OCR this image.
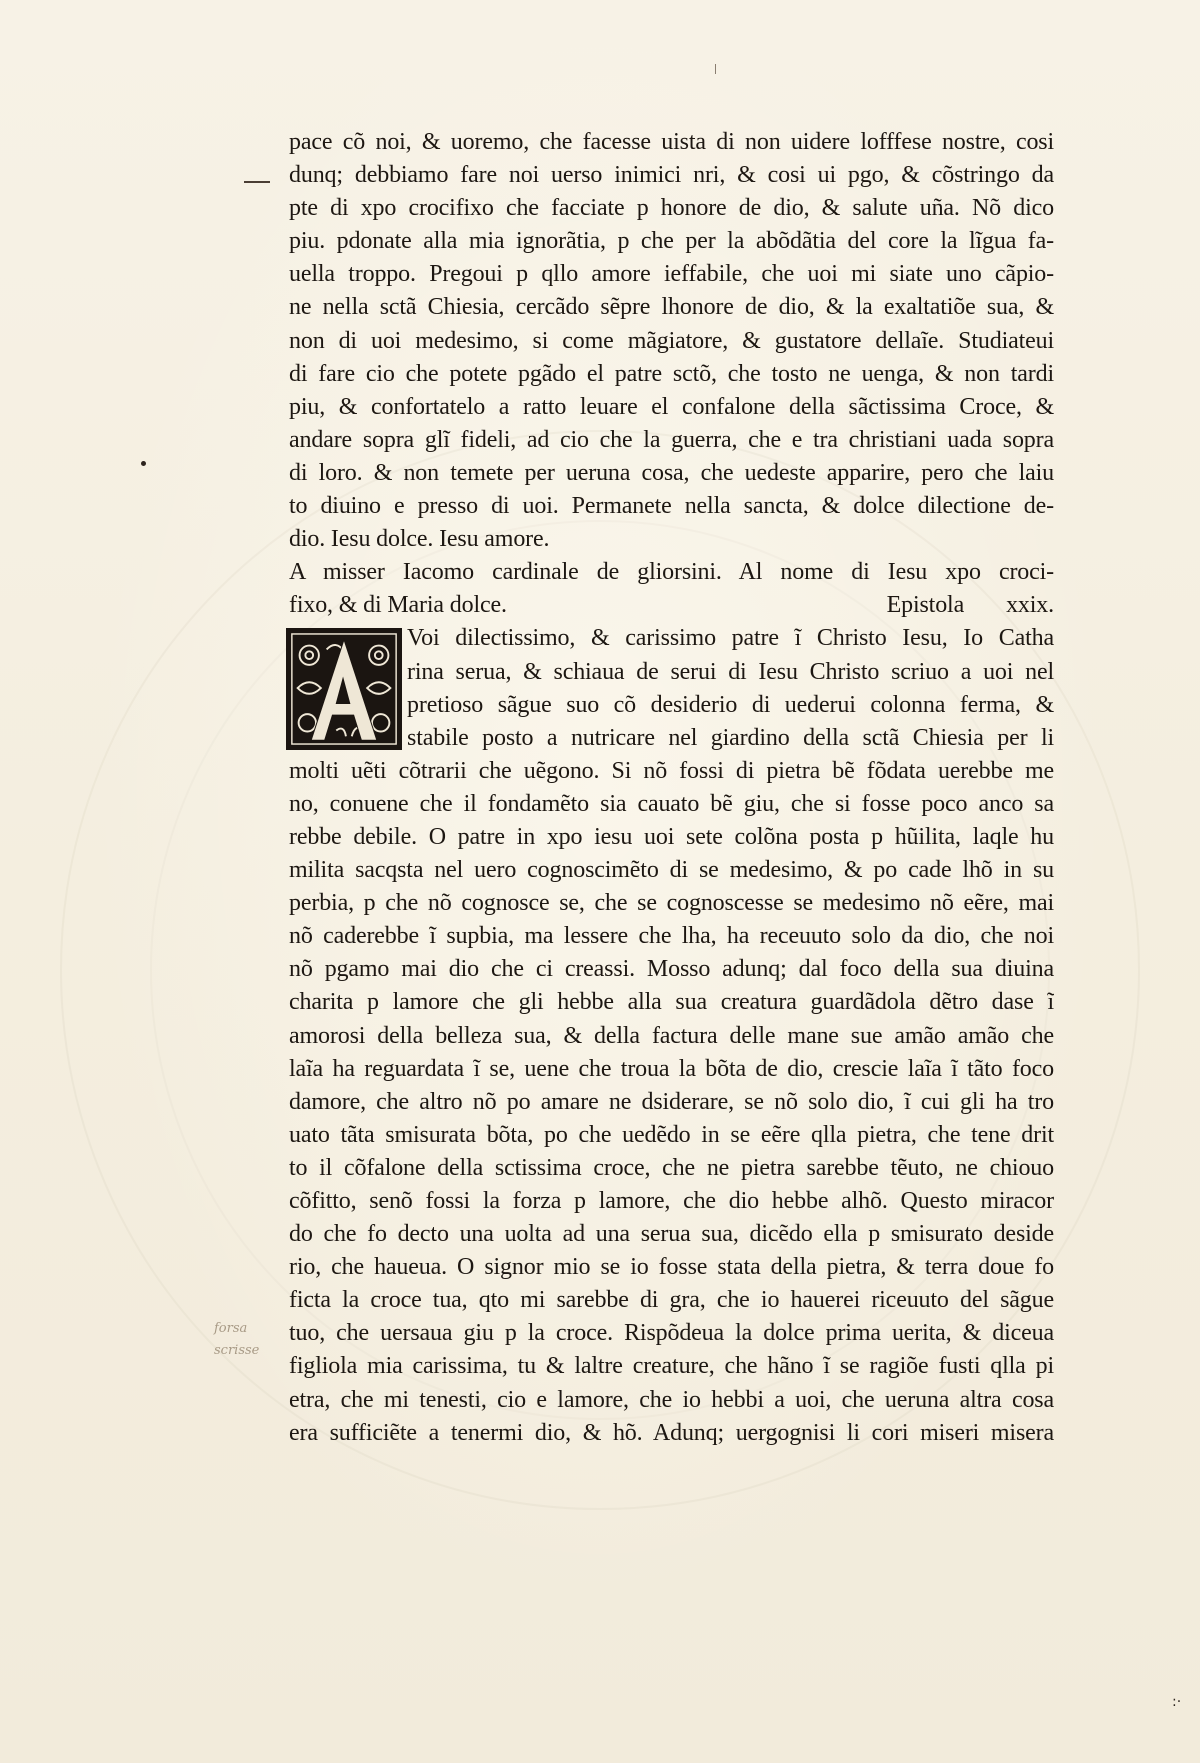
:·
forsa
scrisse
pace cõ noi, & uoremo, che facesse uista di non uidere lofffese nostre, cosi
dunq; debbiamo fare noi uerso inimici nri, & cosi ui pgo, & cõstringo da
pte di xpo crocifixo che facciate p honore de dio, & salute uña. Nõ dico
piu. pdonate alla mia ignorãtia, p che per la abõdãtia del core la lĩgua fa-
uella troppo. Pregoui p qllo amore ieffabile, che uoi mi siate uno cãpio-
ne nella sctã Chiesia, cercãdo sẽpre lhonore de dio, & la exaltatiõe sua, &
non di uoi medesimo, si come mãgiatore, & gustatore dellaĩe. Studiateui
di fare cio che potete pgãdo el patre sctõ, che tosto ne uenga, & non tardi
piu, & confortatelo a ratto leuare el confalone della sãctissima Croce, &
andare sopra glĩ fideli, ad cio che la guerra, che e tra christiani uada sopra
di loro. & non temete per ueruna cosa, che uedeste apparire, pero che laiu
to diuino e presso di uoi. Permanete nella sancta, & dolce dilectione de-
dio. Iesu dolce. Iesu amore.
A misser Iacomo cardinale de gliorsini. Al nome di Iesu xpo croci-
fixo, & di Maria dolce.	Epistola xxix.
Voi dilectissimo, & carissimo patre ĩ Christo Iesu, Io Catha
rina serua, & schiaua de serui di Iesu Christo scriuo a uoi nel
pretioso sãgue suo cõ desiderio di uederui colonna ferma, &
stabile posto a nutricare nel giardino della sctã Chiesia per li
molti uẽti cõtrarii che uẽgono. Si nõ fossi di pietra bẽ fõdata uerebbe me
no, conuene che il fondamẽto sia cauato bẽ giu, che si fosse poco anco sa
rebbe debile. O patre in xpo iesu uoi sete colõna posta p hũilita, laqle hu
milita sacqsta nel uero cognoscimẽto di se medesimo, & po cade lhõ in su
perbia, p che nõ cognosce se, che se cognoscesse se medesimo nõ eẽre, mai
nõ caderebbe ĩ supbia, ma lessere che lha, ha receuuto solo da dio, che noi
nõ pgamo mai dio che ci creassi. Mosso adunq; dal foco della sua diuina
charita p lamore che gli hebbe alla sua creatura guardãdola dẽtro dase ĩ
amorosi della belleza sua, & della factura delle mane sue amão amão che
laĩa ha reguardata ĩ se, uene che troua la bõta de dio, crescie laĩa ĩ tãto foco
damore, che altro nõ po amare ne dsiderare, se nõ solo dio, ĩ cui gli ha tro
uato tãta smisurata bõta, po che uedẽdo in se eẽre qlla pietra, che tene drit
to il cõfalone della sctissima croce, che ne pietra sarebbe tẽuto, ne chiouo
cõfitto, senõ fossi la forza p lamore, che dio hebbe alhõ. Questo miracor
do che fo decto una uolta ad una serua sua, dicẽdo ella p smisurato deside
rio, che haueua. O signor mio se io fosse stata della pietra, & terra doue fo
ficta la croce tua, qto mi sarebbe di gra, che io hauerei riceuuto del sãgue
tuo, che uersaua giu p la croce. Rispõdeua la dolce prima uerita, & diceua
figliola mia carissima, tu & laltre creature, che hãno ĩ se ragiõe fusti qlla pi
etra, che mi tenesti, cio e lamore, che io hebbi a uoi, che ueruna altra cosa
era sufficiẽte a tenermi dio, & hõ. Adunq; uergognisi li cori miseri misera
